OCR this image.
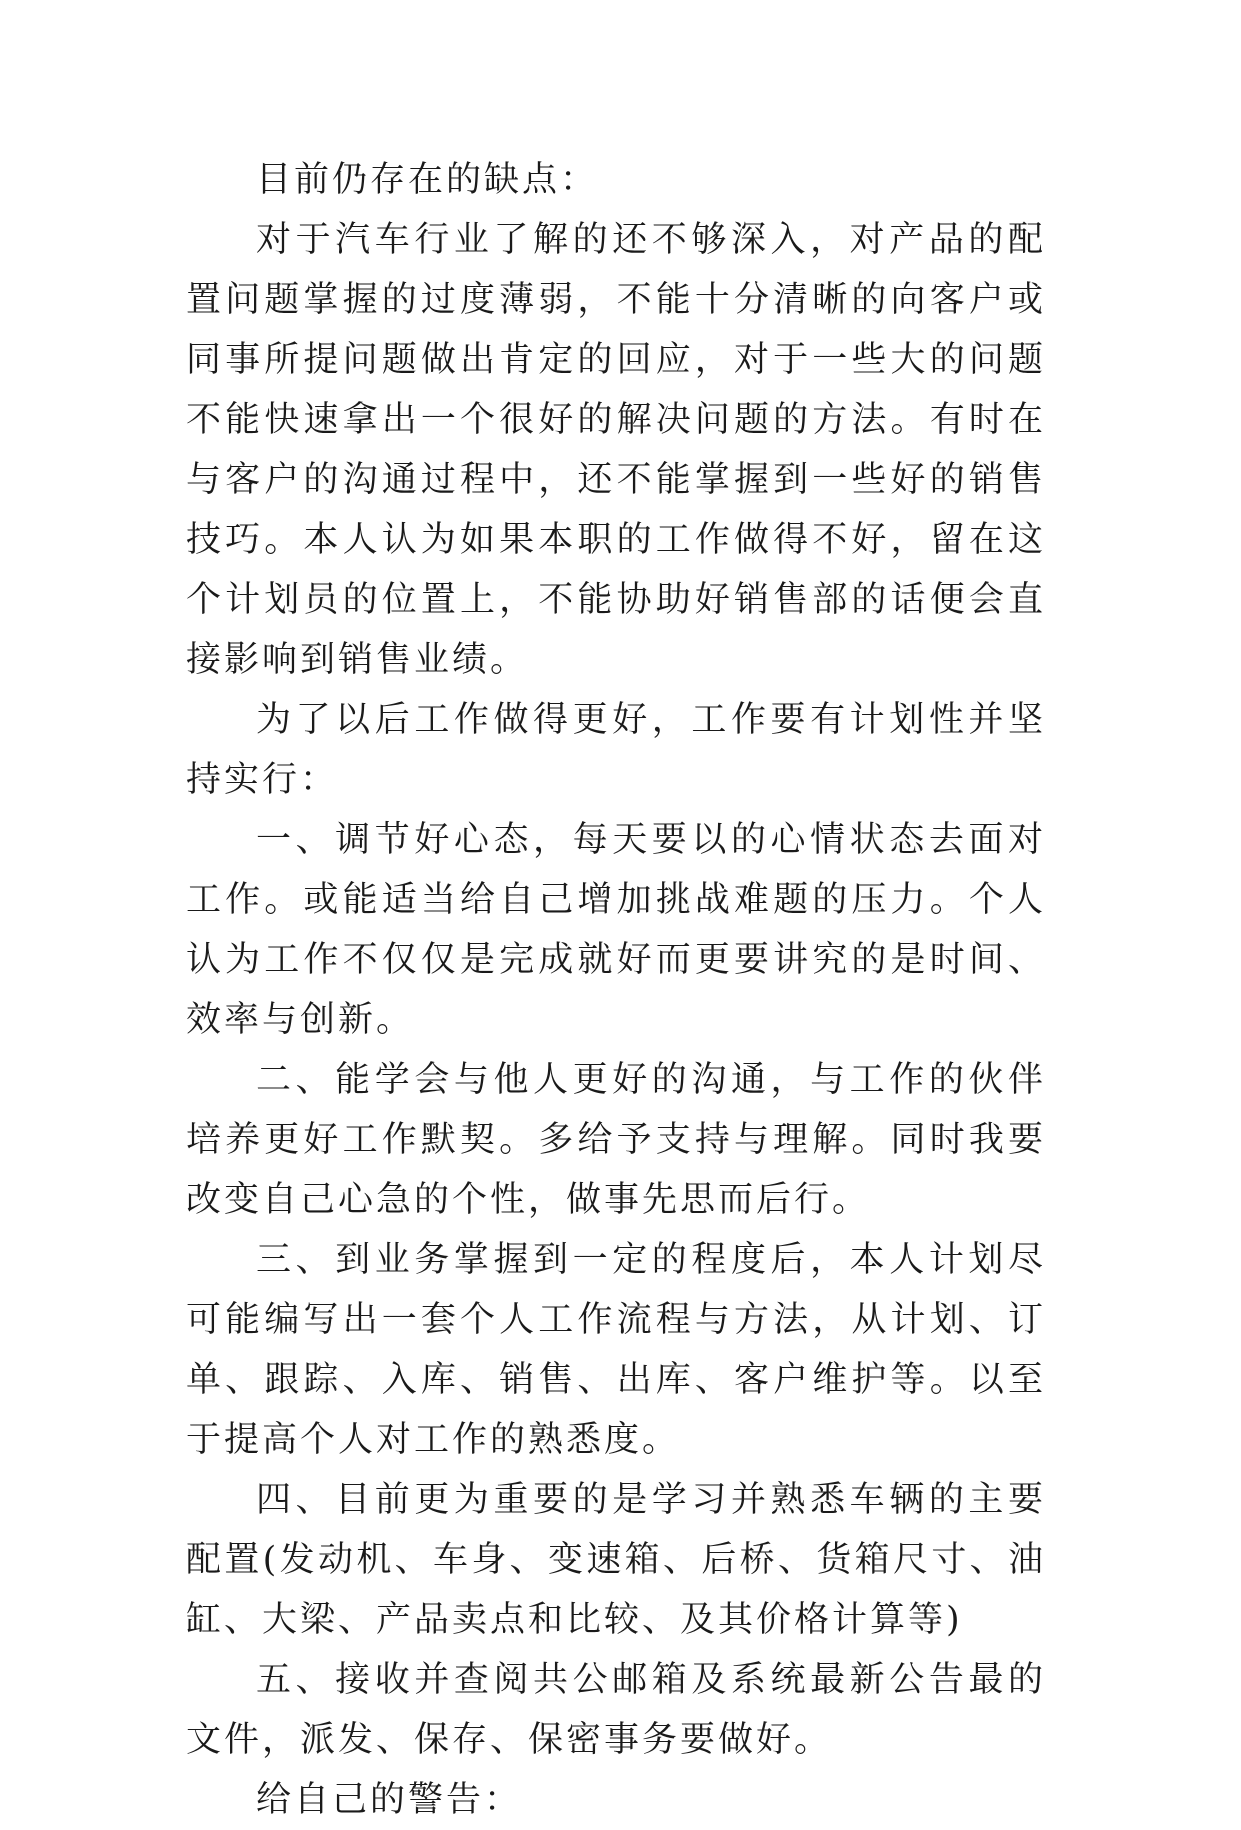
目前仍存在的缺点：

对于汽车行业了解的还不够深入，对产品的配置问题掌握的过度薄弱，不能十分清晰的向客户或同事所提问题做出肯定的回应，对于一些大的问题不能快速拿出一个很好的解决问题的方法。有时在与客户的沟通过程中，还不能掌握到一些好的销售技巧。本人认为如果本职的工作做得不好，留在这个计划员的位置上，不能协助好销售部的话便会直接影响到销售业绩。

为了以后工作做得更好，工作要有计划性并坚持实行：

一、调节好心态，每天要以的心情状态去面对工作。或能适当给自己增加挑战难题的压力。个人认为工作不仅仅是完成就好而更要讲究的是时间、效率与创新。

二、能学会与他人更好的沟通，与工作的伙伴培养更好工作默契。多给予支持与理解。同时我要改变自己心急的个性，做事先思而后行。

三、到业务掌握到一定的程度后，本人计划尽可能编写出一套个人工作流程与方法，从计划、订单、跟踪、入库、销售、出库、客户维护等。以至于提高个人对工作的熟悉度。

四、目前更为重要的是学习并熟悉车辆的主要配置(发动机、车身、变速箱、后桥、货箱尺寸、油缸、大梁、产品卖点和比较、及其价格计算等)

五、接收并查阅共公邮箱及系统最新公告最的文件，派发、保存、保密事务要做好。

给自己的警告：
